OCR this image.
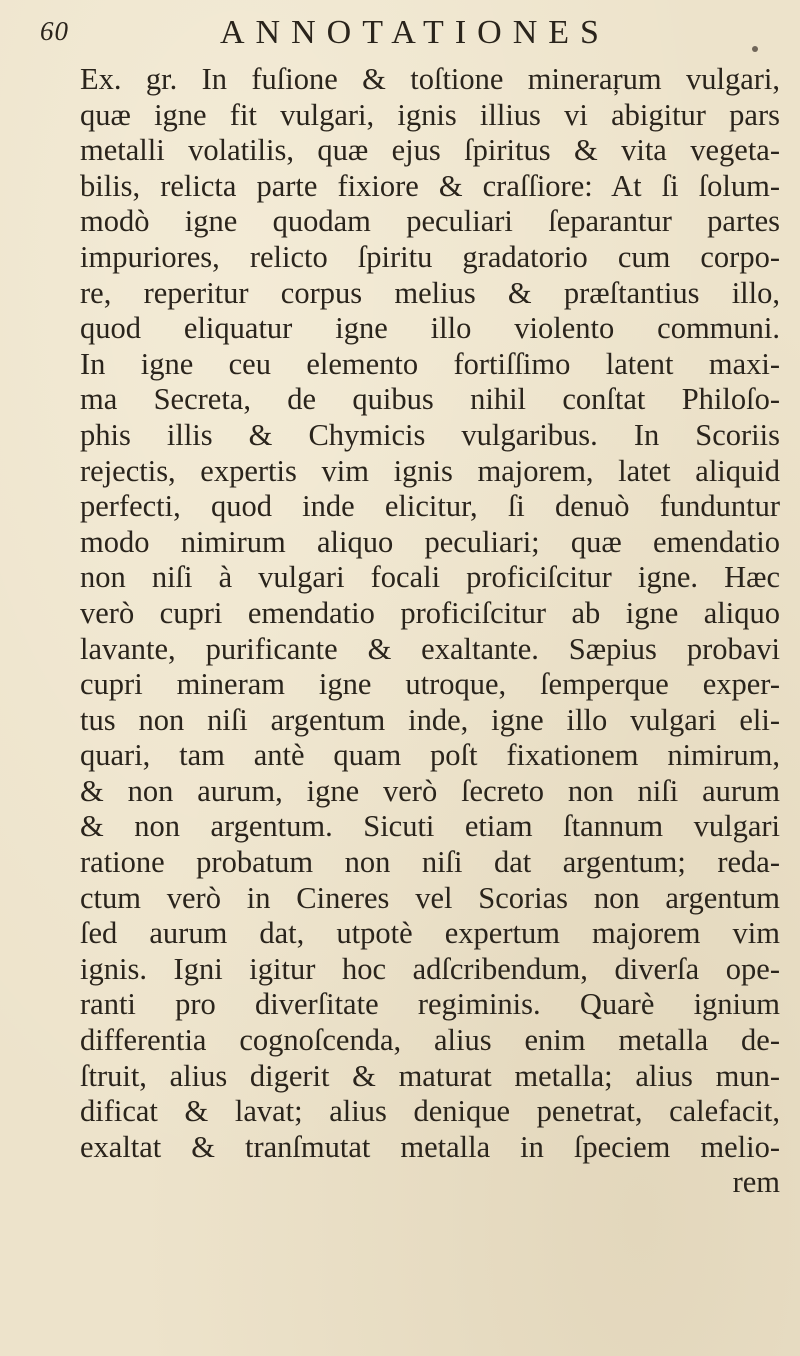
60	ANNOTATIONES
Ex. gr. In fuſione & toſtione mineraŗum vulgari,
quæ igne fit vulgari, ignis illius vi abigitur pars
metalli volatilis, quæ ejus ſpiritus & vita vegeta-
bilis, relicta parte fixiore & craſſiore: At ſi ſolum-
modò igne quodam peculiari ſeparantur partes
impuriores, relicto ſpiritu gradatorio cum corpo-
re, reperitur corpus melius & præſtantius illo,
quod eliquatur igne illo violento communi.
In igne ceu elemento fortiſſimo latent maxi-
ma Secreta, de quibus nihil conſtat Philoſo-
phis illis & Chymicis vulgaribus. In Scoriis
rejectis, expertis vim ignis majorem, latet aliquid
perfecti, quod inde elicitur, ſi denuò funduntur
modo nimirum aliquo peculiari; quæ emendatio
non niſi à vulgari focali proficiſcitur igne. Hæc
verò cupri emendatio proficiſcitur ab igne aliquo
lavante, purificante & exaltante. Sæpius probavi
cupri mineram igne utroque, ſemperque exper-
tus non niſi argentum inde, igne illo vulgari eli-
quari, tam antè quam poſt fixationem nimirum,
& non aurum, igne verò ſecreto non niſi aurum
& non argentum. Sicuti etiam ſtannum vulgari
ratione probatum non niſi dat argentum; reda-
ctum verò in Cineres vel Scorias non argentum
ſed aurum dat, utpotè expertum majorem vim
ignis. Igni igitur hoc adſcribendum, diverſa ope-
ranti pro diverſitate regiminis. Quarè ignium
differentia cognoſcenda, alius enim metalla de-
ſtruit, alius digerit & maturat metalla; alius mun-
dificat & lavat; alius denique penetrat, calefacit,
exaltat & tranſmutat metalla in ſpeciem melio-
rem
